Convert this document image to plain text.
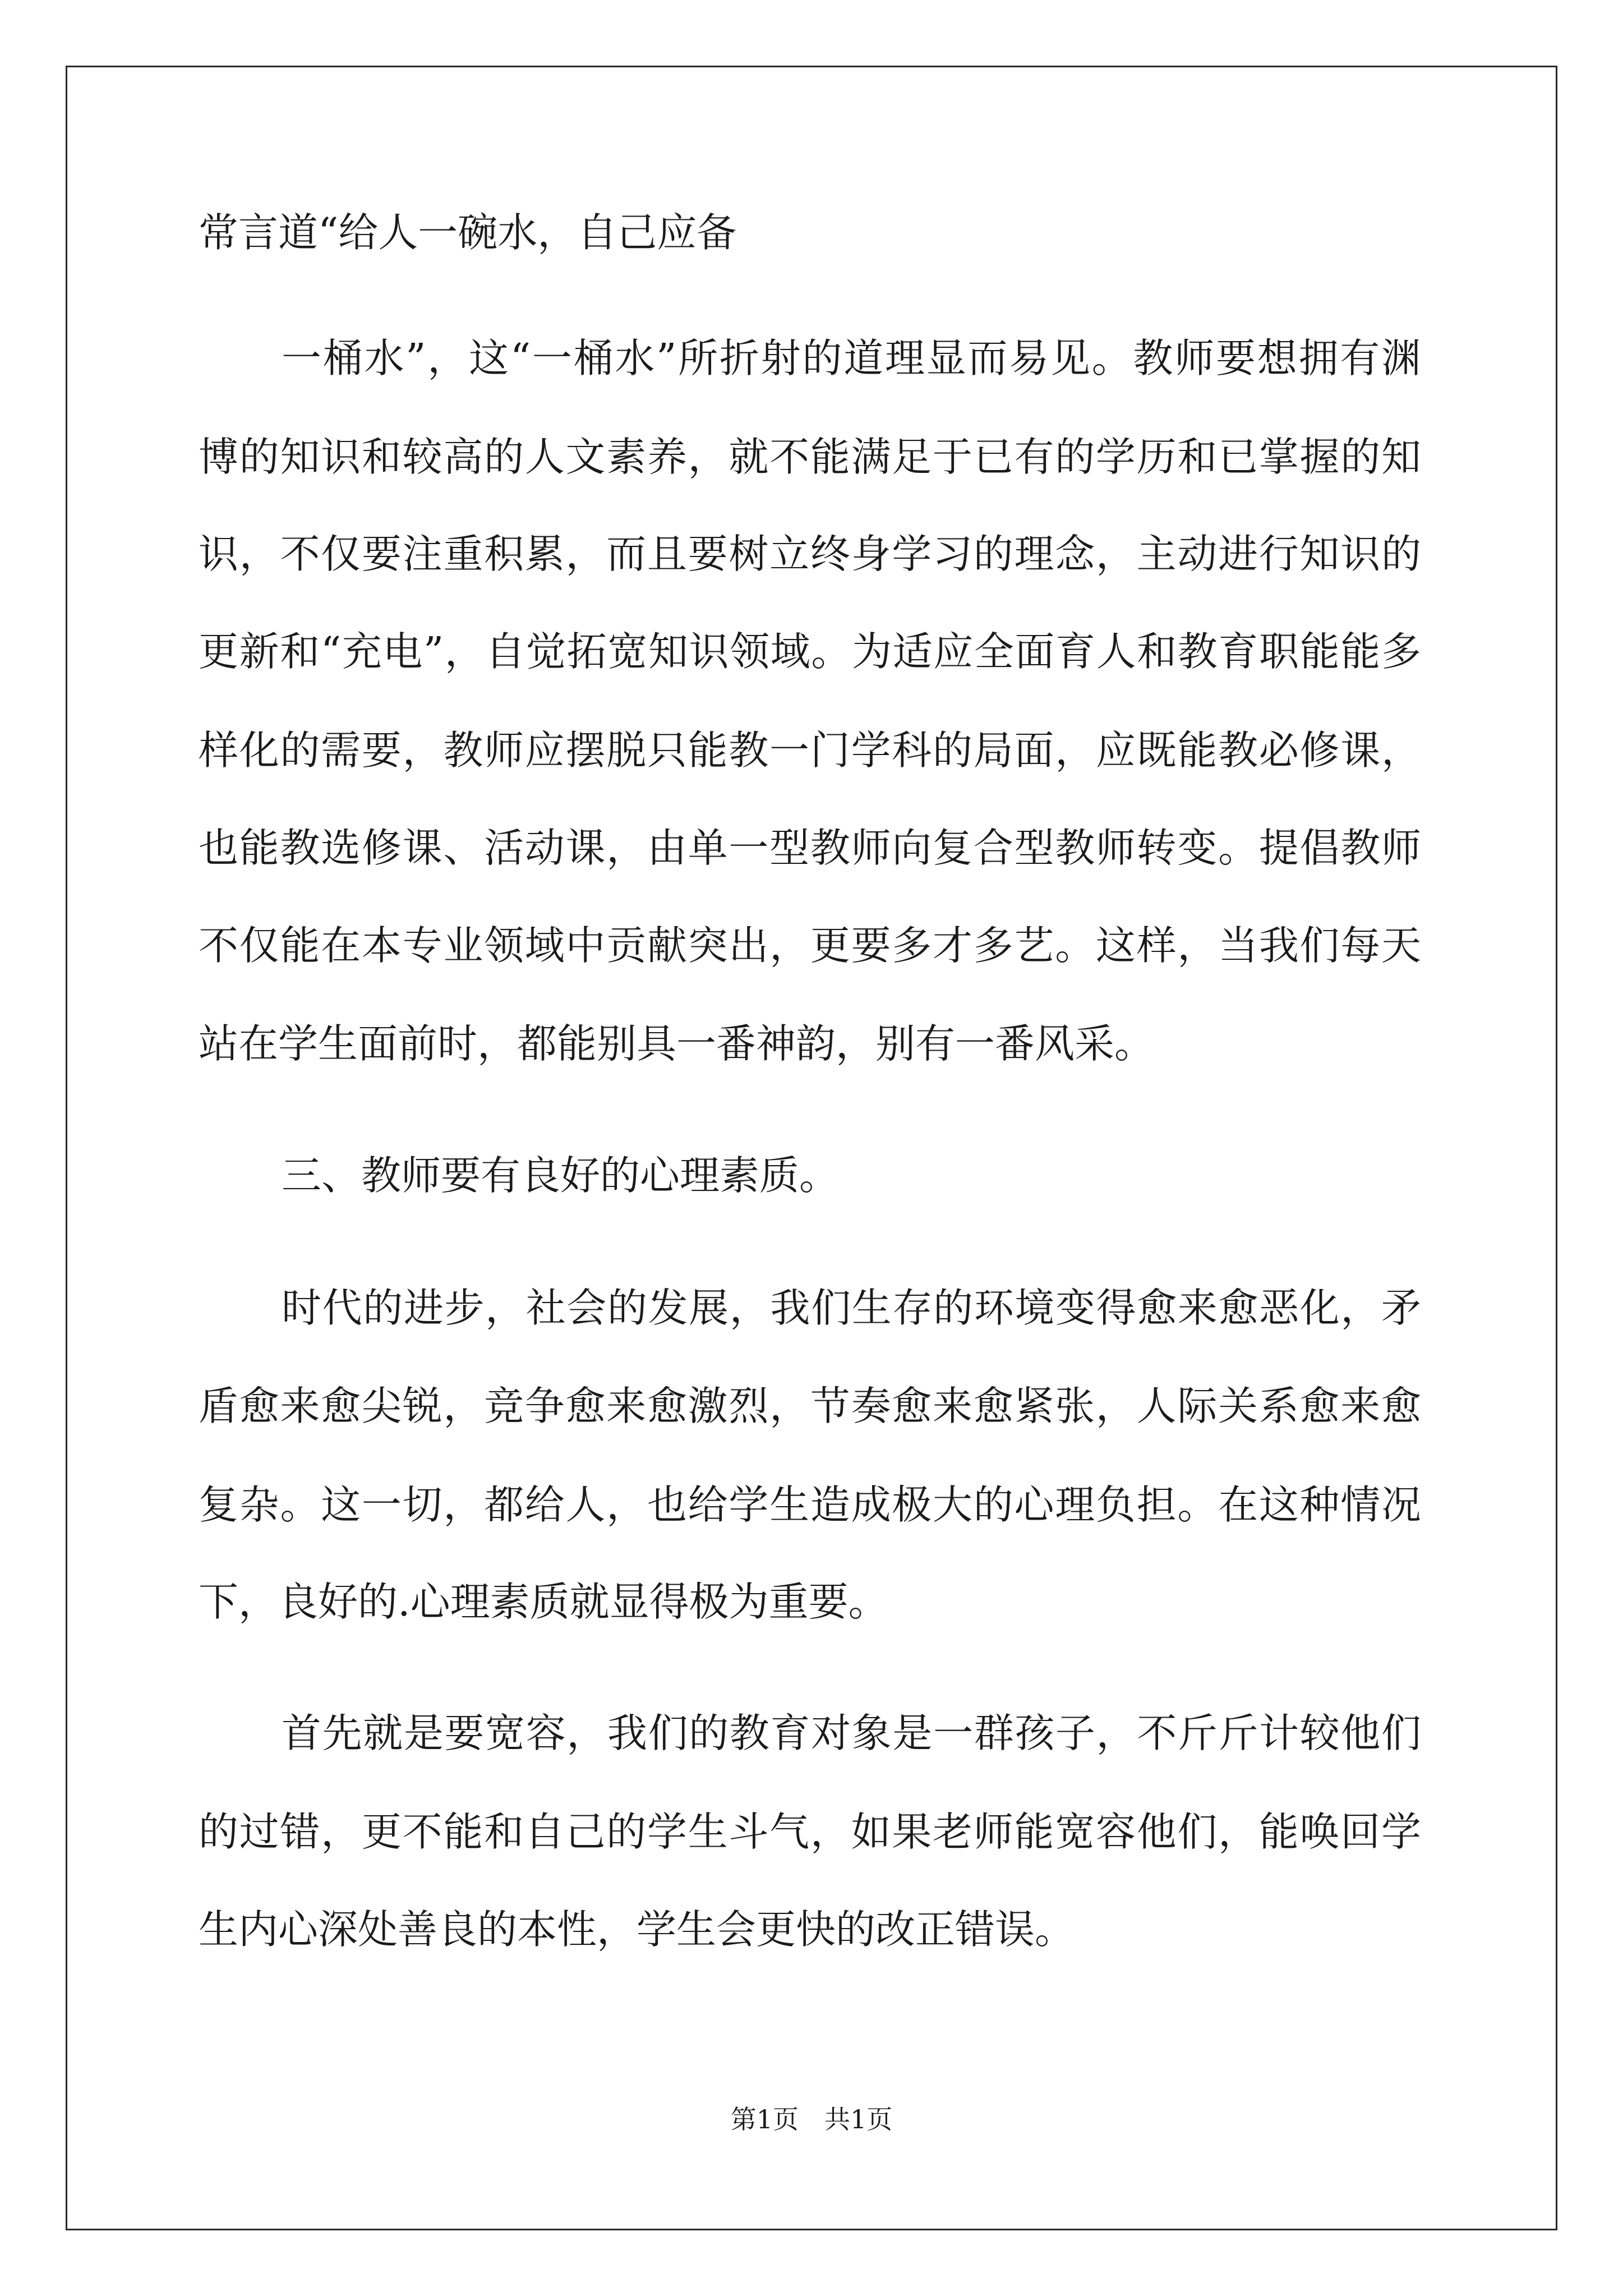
常言道“给人一碗水，自己应备
一桶水”，这“一桶水”所折射的道理显而易见。教师要想拥有渊
博的知识和较高的人文素养，就不能满足于已有的学历和已掌握的知
识，不仅要注重积累，而且要树立终身学习的理念，主动进行知识的
更新和“充电”，自觉拓宽知识领域。为适应全面育人和教育职能能多
样化的需要，教师应摆脱只能教一门学科的局面，应既能教必修课，
也能教选修课、活动课，由单一型教师向复合型教师转变。提倡教师
不仅能在本专业领域中贡献突出，更要多才多艺。这样，当我们每天
站在学生面前时，都能别具一番神韵，别有一番风采。
三、教师要有良好的心理素质。
时代的进步，社会的发展，我们生存的环境变得愈来愈恶化，矛
盾愈来愈尖锐，竞争愈来愈激烈，节奏愈来愈紧张，人际关系愈来愈
复杂。这一切，都给人，也给学生造成极大的心理负担。在这种情况
下，良好的.心理素质就显得极为重要。
首先就是要宽容，我们的教育对象是一群孩子，不斤斤计较他们
的过错，更不能和自己的学生斗气，如果老师能宽容他们，能唤回学
生内心深处善良的本性，学生会更快的改正错误。
第1页 共1页
